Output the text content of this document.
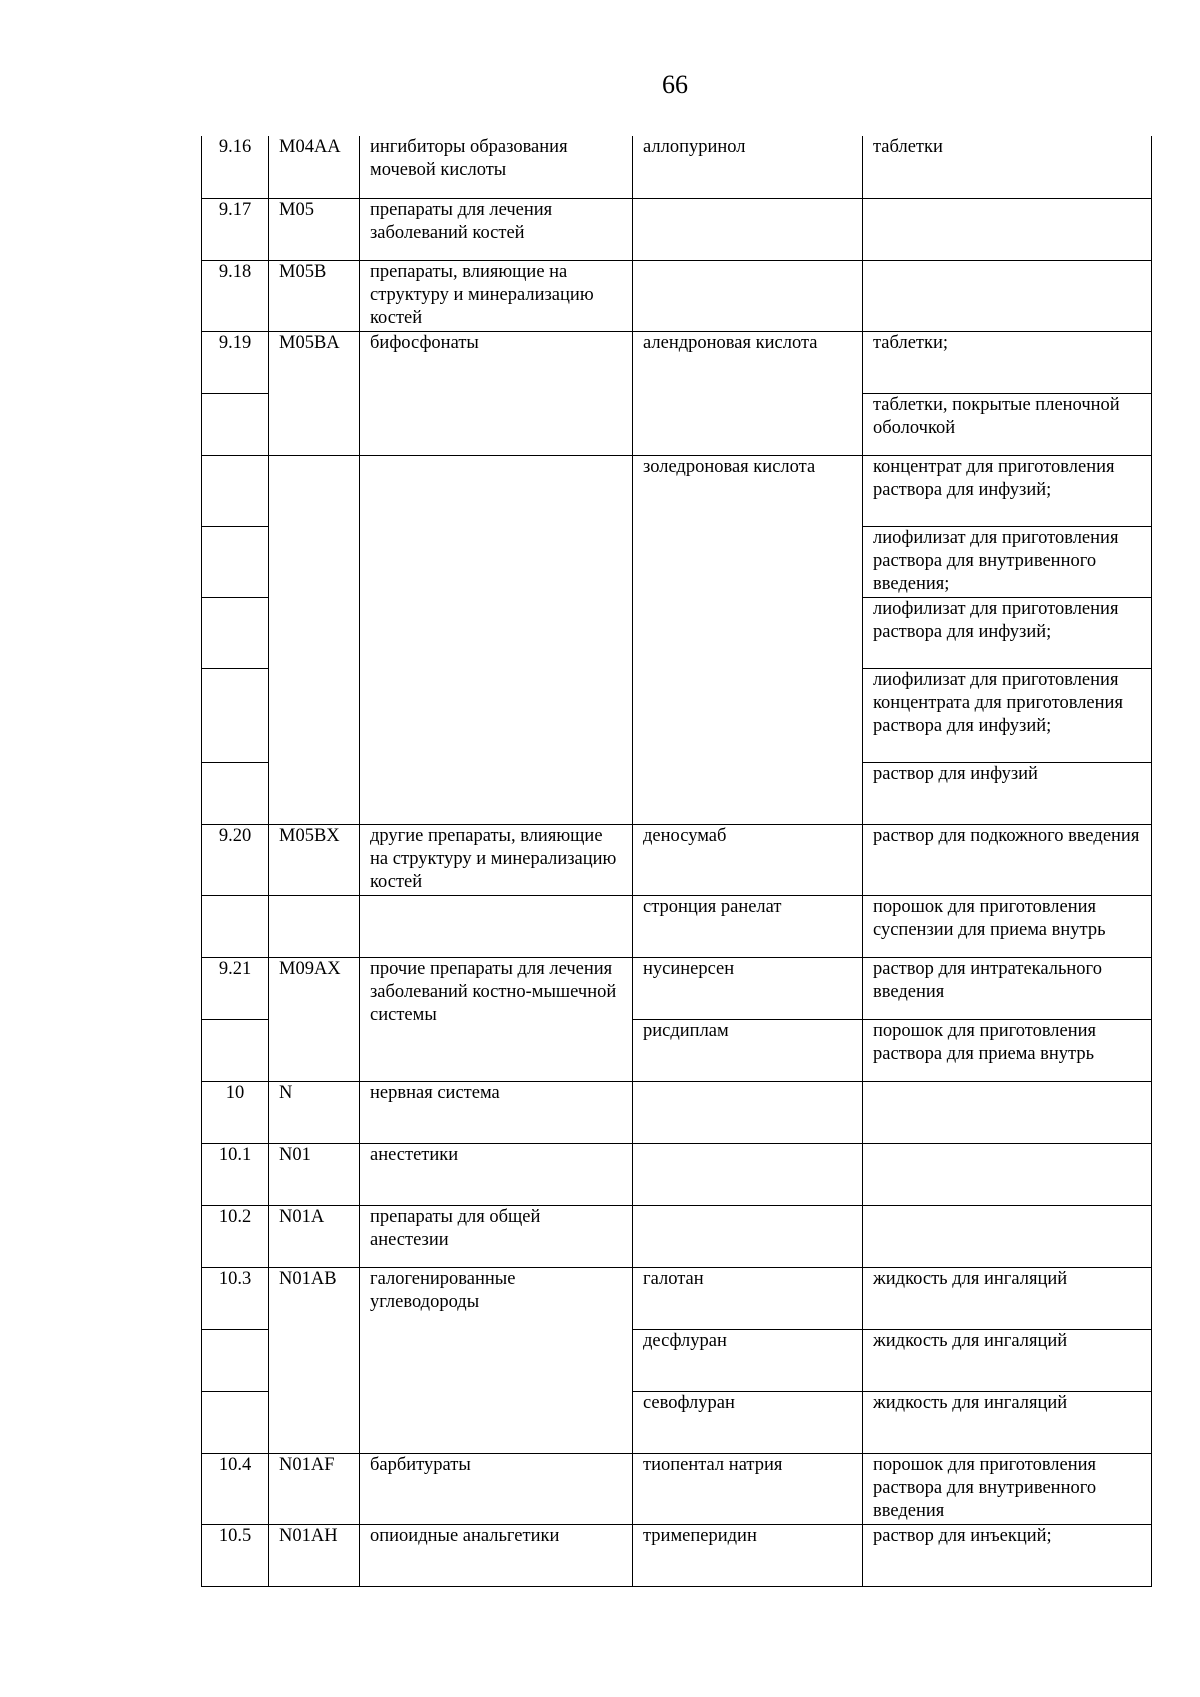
66
9.16	M04AA	ингибиторы образования мочевой кислоты	аллопуринол	таблетки
9.17	M05	препараты для лечения заболеваний костей		
9.18	M05B	препараты, влияющие на структуру и минерализацию костей		
9.19	M05BA	бифосфонаты	алендроновая кислота	таблетки;
				таблетки, покрытые пленочной оболочкой
			золедроновая кислота	концентрат для приготовления раствора для инфузий;
				лиофилизат для приготовления раствора для внутривенного введения;
				лиофилизат для приготовления раствора для инфузий;
				лиофилизат для приготовления концентрата для приготовления раствора для инфузий;
				раствор для инфузий
9.20	M05BX	другие препараты, влияющие на структуру и минерализацию костей	деносумаб	раствор для подкожного введения
			стронция ранелат	порошок для приготовления суспензии для приема внутрь
9.21	M09AX	прочие препараты для лечения заболеваний костно-мышечной системы	нусинерсен	раствор для интратекального введения
			рисдиплам	порошок для приготовления раствора для приема внутрь
10	N	нервная система		
10.1	N01	анестетики		
10.2	N01A	препараты для общей анестезии		
10.3	N01AB	галогенированные углеводороды	галотан	жидкость для ингаляций
			десфлуран	жидкость для ингаляций
			севофлуран	жидкость для ингаляций
10.4	N01AF	барбитураты	тиопентал натрия	порошок для приготовления раствора для внутривенного введения
10.5	N01AH	опиоидные анальгетики	тримеперидин	раствор для инъекций;
